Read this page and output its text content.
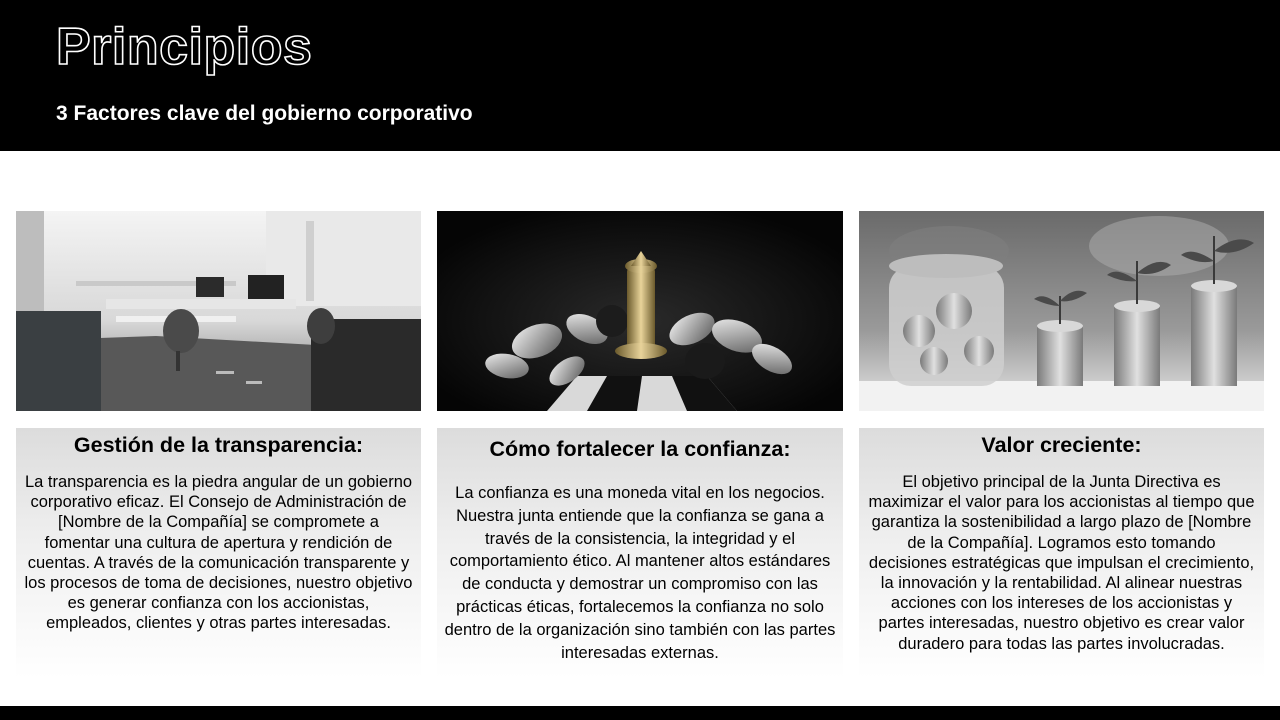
Principios
3 Factores clave del gobierno corporativo
Gestión de la transparencia:

La transparencia es la piedra angular de un gobierno corporativo eficaz. El Consejo de Administración de [Nombre de la Compañía] se compromete a fomentar una cultura de apertura y rendición de cuentas. A través de la comunicación transparente y los procesos de toma de decisiones, nuestro objetivo es generar confianza con los accionistas, empleados, clientes y otras partes interesadas.

Cómo fortalecer la confianza:

La confianza es una moneda vital en los negocios. Nuestra junta entiende que la confianza se gana a través de la consistencia, la integridad y el comportamiento ético. Al mantener altos estándares de conducta y demostrar un compromiso con las prácticas éticas, fortalecemos la confianza no solo dentro de la organización sino también con las partes interesadas externas.

Valor creciente:

El objetivo principal de la Junta Directiva es maximizar el valor para los accionistas al tiempo que garantiza la sostenibilidad a largo plazo de [Nombre de la Compañía]. Logramos esto tomando decisiones estratégicas que impulsan el crecimiento, la innovación y la rentabilidad. Al alinear nuestras acciones con los intereses de los accionistas y partes interesadas, nuestro objetivo es crear valor duradero para todas las partes involucradas.
